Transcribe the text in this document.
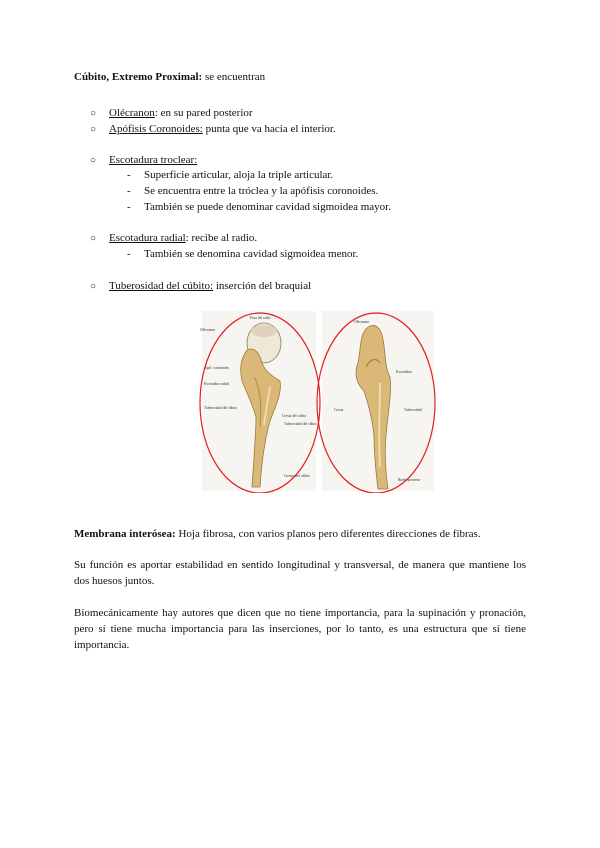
Cúbito, Extremo Proximal: se encuentran
○ Olécranon: en su pared posterior
○ Apófisis Coronoides: punta que va hacia el interior.
○ Escotadura troclear:
- Superficie articular, aloja la triple articular.
- Se encuentra entre la tróclea y la apófisis coronoides.
- También se puede denominar cavidad sigmoidea mayor.
○ Escotadura radial: recibe al radio.
- También se denomina cavidad sigmoidea menor.
○ Tuberosidad del cúbito: inserción del braquial
Fosa del radio
Olécranon
Apóf. coronoides
Escotadura radial
Tuberosidad del cúbito
Cresta del cúbito
Tuberosidad del cúbito
Cuerpo del cúbito
Olécranon
Escotadura
Tuberosidad
Cresta
Borde posterior
Membrana interósea: Hoja fibrosa, con varios planos pero diferentes direcciones de fibras.
Su función es aportar estabilidad en sentido longitudinal y transversal, de manera que mantiene los dos huesos juntos.
Biomecánicamente hay autores que dicen que no tiene importancia, para la supinación y pronación, pero sí tiene mucha importancia para las inserciones, por lo tanto, es una estructura que sí tiene importancia.
